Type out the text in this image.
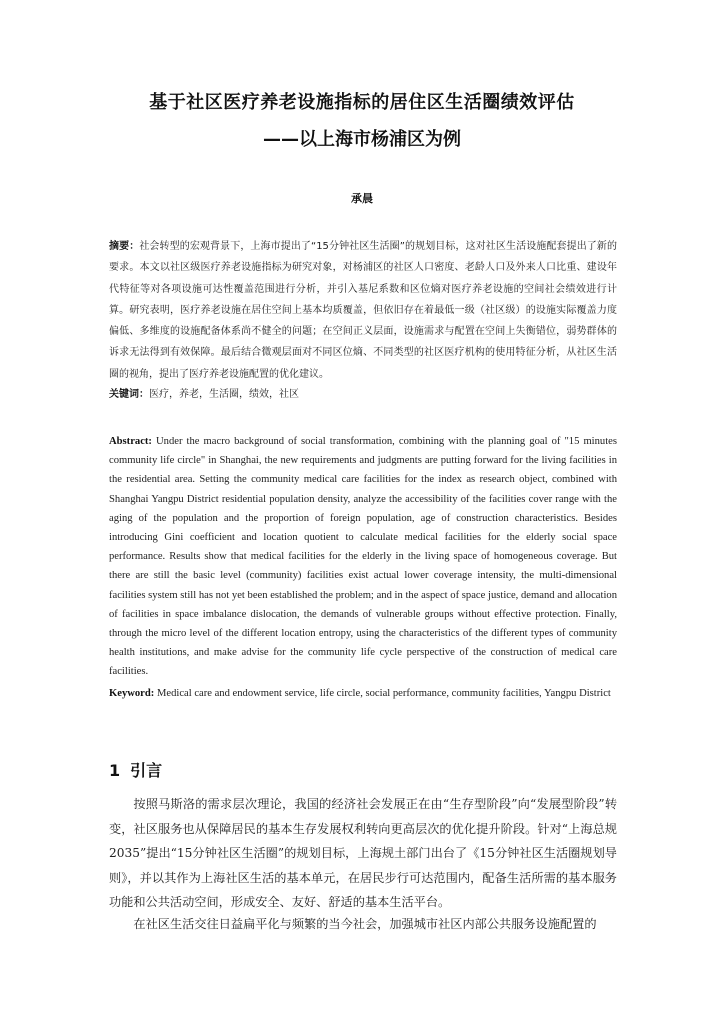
基于社区医疗养老设施指标的居住区生活圈绩效评估
——以上海市杨浦区为例
承晨
摘要：社会转型的宏观背景下，上海市提出了“15分钟社区生活圈”的规划目标，这对社区生活设施配套提出了新的要求。本文以社区级医疗养老设施指标为研究对象，对杨浦区的社区人口密度、老龄人口及外来人口比重、建设年代特征等对各项设施可达性覆盖范围进行分析，并引入基尼系数和区位熵对医疗养老设施的空间社会绩效进行计算。研究表明，医疗养老设施在居住空间上基本均质覆盖，但依旧存在着最低一级（社区级）的设施实际覆盖力度偏低、多维度的设施配备体系尚不健全的问题；在空间正义层面，设施需求与配置在空间上失衡错位，弱势群体的诉求无法得到有效保障。最后结合微观层面对不同区位熵、不同类型的社区医疗机构的使用特征分析，从社区生活圈的视角，提出了医疗养老设施配置的优化建议。
关键词：医疗，养老，生活圈，绩效，社区
Abstract: Under the macro background of social transformation, combining with the planning goal of "15 minutes community life circle" in Shanghai, the new requirements and judgments are putting forward for the living facilities in the residential area. Setting the community medical care facilities for the index as research object, combined with Shanghai Yangpu District residential population density, analyze the accessibility of the facilities cover range with the aging of the population and the proportion of foreign population, age of construction characteristics. Besides introducing Gini coefficient and location quotient to calculate medical facilities for the elderly social space performance. Results show that medical facilities for the elderly in the living space of homogeneous coverage. But there are still the basic level (community) facilities exist actual lower coverage intensity, the multi-dimensional facilities system still has not yet been established the problem; and in the aspect of space justice, demand and allocation of facilities in space imbalance dislocation, the demands of vulnerable groups without effective protection. Finally, through the micro level of the different location entropy, using the characteristics of the different types of community health institutions, and make advise for the community life cycle perspective of the construction of medical care facilities.
Keyword: Medical care and endowment service, life circle, social performance, community facilities, Yangpu District
1 引言

按照马斯洛的需求层次理论，我国的经济社会发展正在由“生存型阶段”向“发展型阶段”转变，社区服务也从保障居民的基本生存发展权利转向更高层次的优化提升阶段。针对“上海总规2035”提出“15分钟社区生活圈”的规划目标，上海规土部门出台了《15分钟社区生活圈规划导则》，并以其作为上海社区生活的基本单元，在居民步行可达范围内，配备生活所需的基本服务功能和公共活动空间，形成安全、友好、舒适的基本生活平台。

在社区生活交往日益扁平化与频繁的当今社会，加强城市社区内部公共服务设施配置的
